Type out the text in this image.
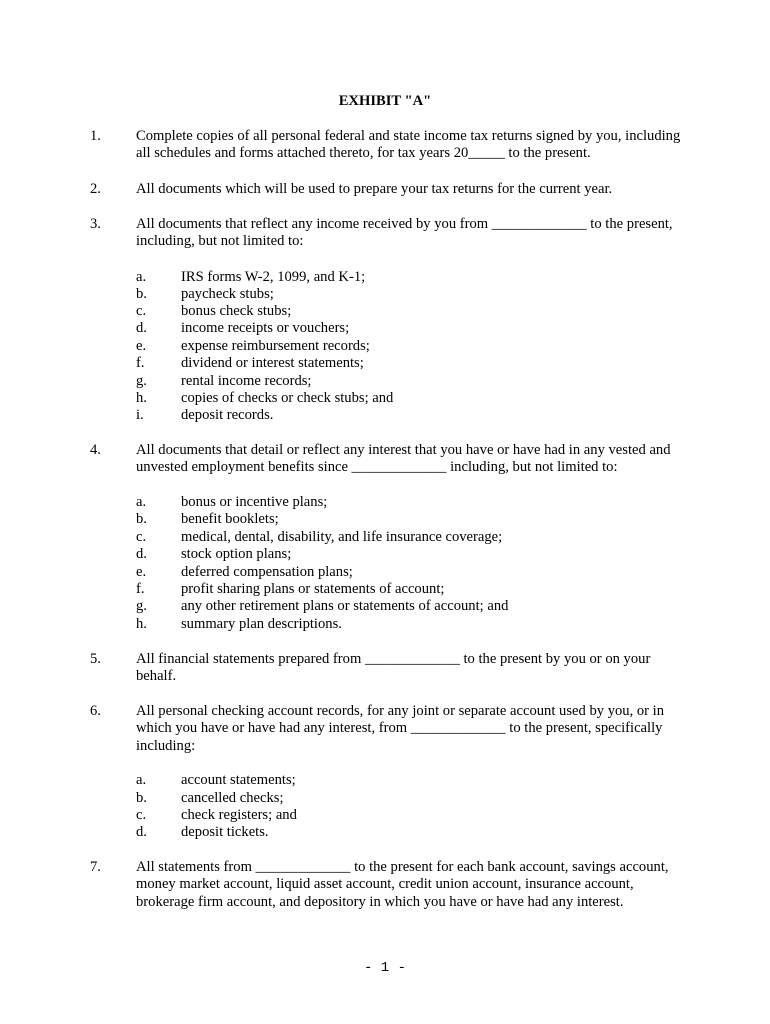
EXHIBIT "A"
1. Complete copies of all personal federal and state income tax returns signed by you, including all schedules and forms attached thereto, for tax years 20_____ to the present.
2. All documents which will be used to prepare your tax returns for the current year.
3. All documents that reflect any income received by you from _____________ to the present, including, but not limited to:
a. IRS forms W-2, 1099, and K-1;
b. paycheck stubs;
c. bonus check stubs;
d. income receipts or vouchers;
e. expense reimbursement records;
f. dividend or interest statements;
g. rental income records;
h. copies of checks or check stubs; and
i.	deposit records.
4. All documents that detail or reflect any interest that you have or have had in any vested and unvested employment benefits since _____________ including, but not limited to:
a. bonus or incentive plans;
b. benefit booklets;
c. medical, dental, disability, and life insurance coverage;
d. stock option plans;
e. deferred compensation plans;
f. profit sharing plans or statements of account;
g. any other retirement plans or statements of account; and
h. summary plan descriptions.
5. All financial statements prepared from _____________ to the present by you or on your behalf.
6. All personal checking account records, for any joint or separate account used by you, or in which you have or have had any interest, from _____________ to the present, specifically including:
a. account statements;
b. cancelled checks;
c. check registers; and
d. deposit tickets.
7. All statements from _____________ to the present for each bank account, savings account, money market account, liquid asset account, credit union account, insurance account, brokerage firm account, and depository in which you have or have had any interest.
- 1 -
